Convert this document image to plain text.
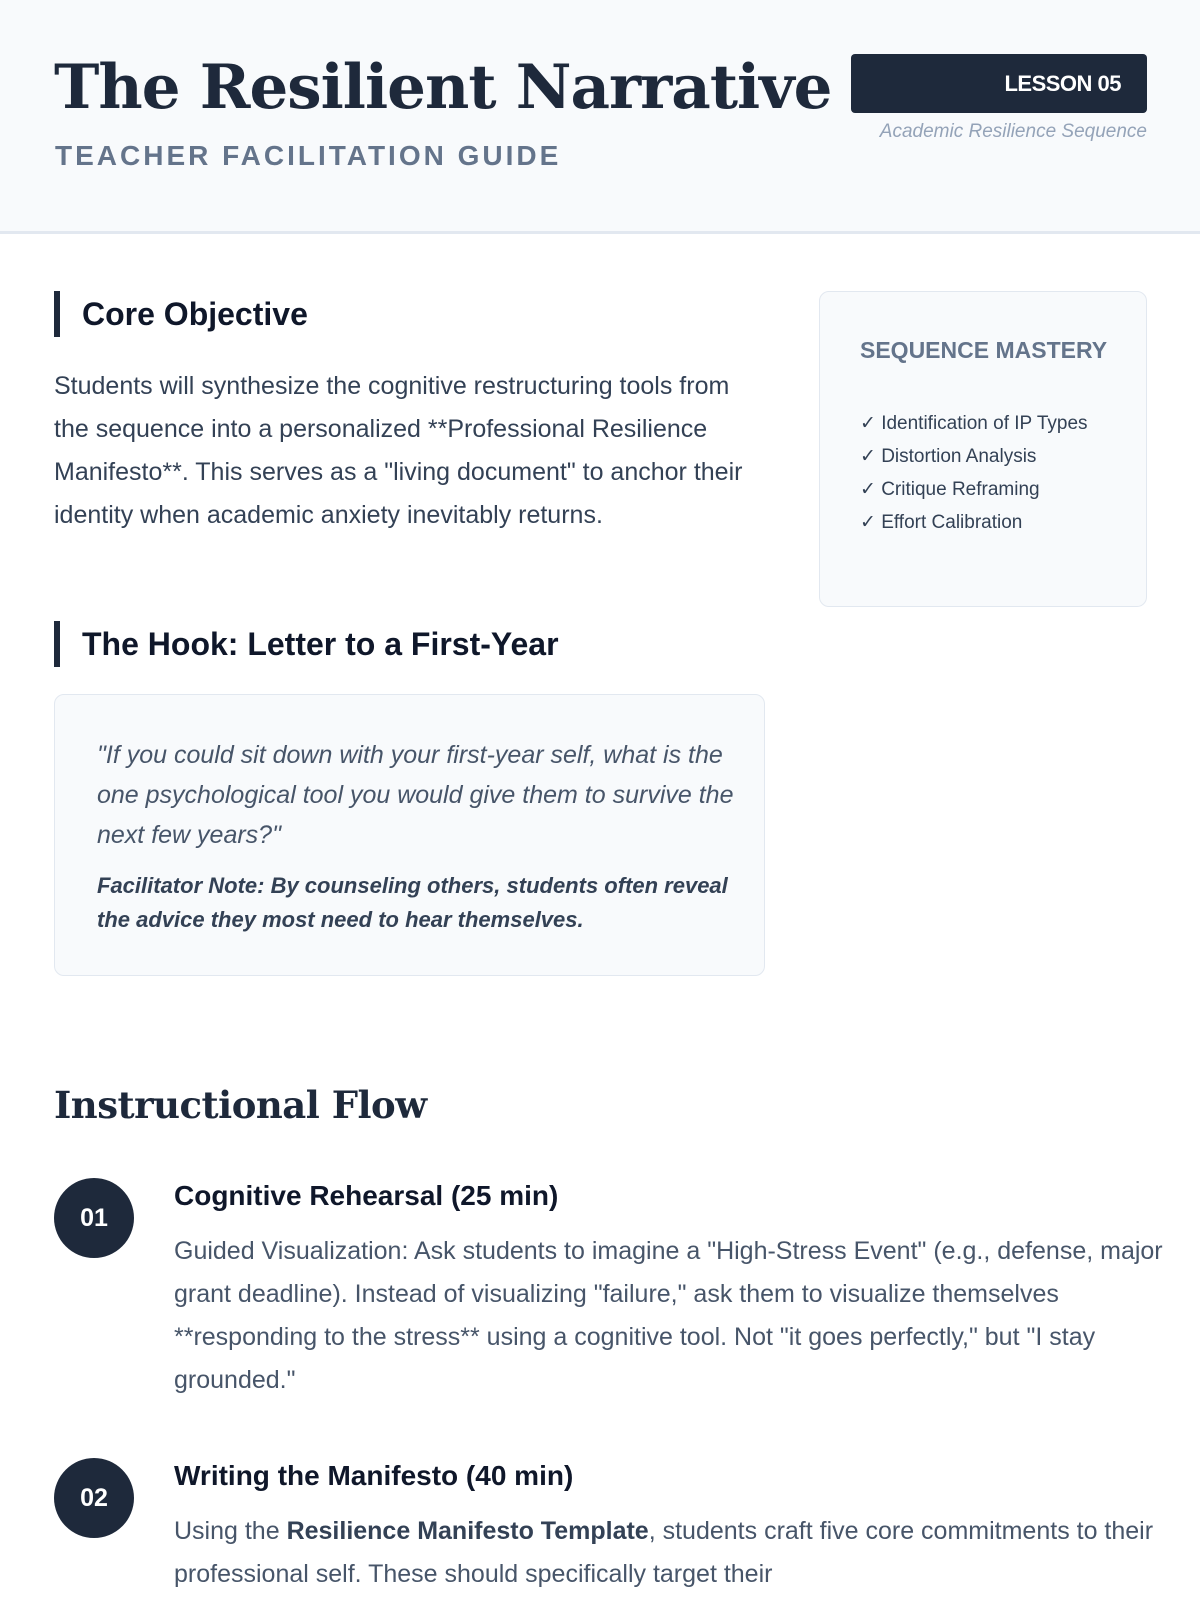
The Resilient Narrative
TEACHER FACILITATION GUIDE
LESSON 05
Academic Resilience Sequence
Core Objective

Students will synthesize the cognitive restructuring tools from the sequence into a personalized **Professional Resilience Manifesto**. This serves as a "living document" to anchor their identity when academic anxiety inevitably returns.

The Hook: Letter to a First-Year

"If you could sit down with your first-year self, what is the one psychological tool you would give them to survive the next few years?"

Facilitator Note: By counseling others, students often reveal the advice they most need to hear themselves.

SEQUENCE MASTERY
✓ Identification of IP Types
✓ Distortion Analysis
✓ Critique Reframing
✓ Effort Calibration
Instructional Flow
01
Cognitive Rehearsal (25 min)

Guided Visualization: Ask students to imagine a "High-Stress Event" (e.g., defense, major grant deadline). Instead of visualizing "failure," ask them to visualize themselves **responding to the stress** using a cognitive tool. Not "it goes perfectly," but "I stay grounded."

02
Writing the Manifesto (40 min)

Using the Resilience Manifesto Template, students craft five core commitments to their professional self. These should specifically target their
